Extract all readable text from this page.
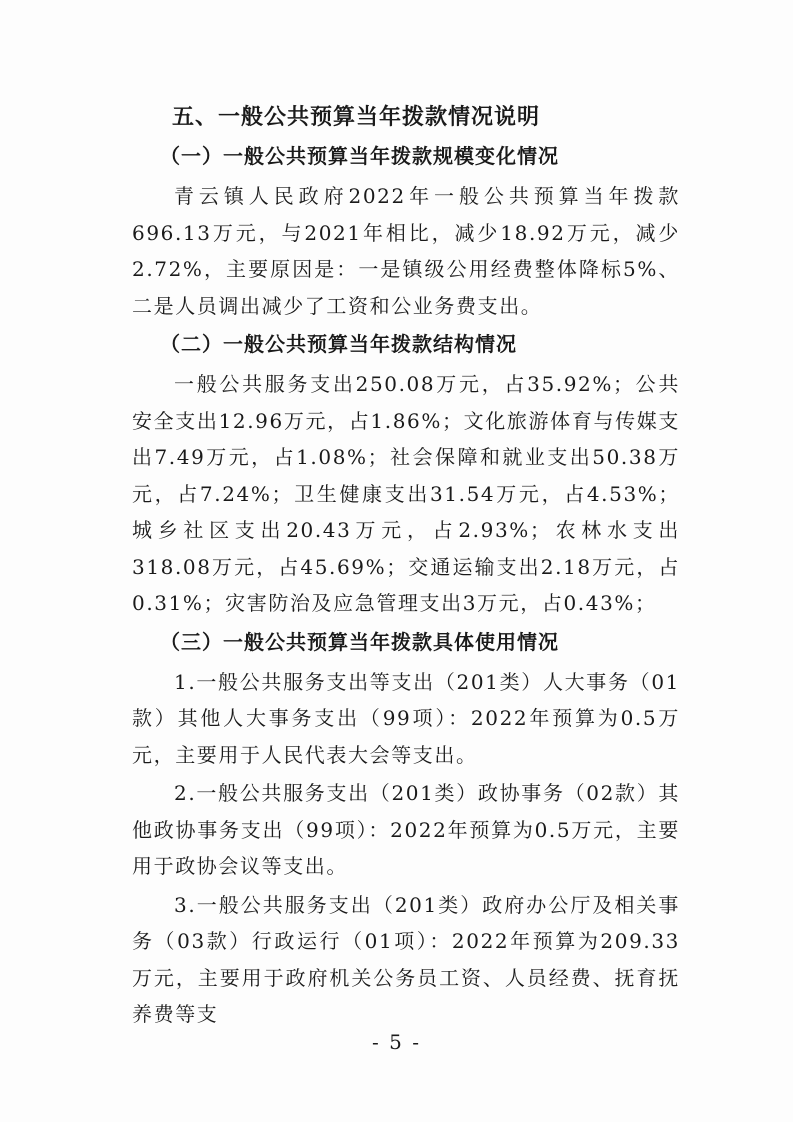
五、一般公共预算当年拨款情况说明
（一）一般公共预算当年拨款规模变化情况

青云镇人民政府2022年一般公共预算当年拨款696.13万元，与2021年相比，减少18.92万元，减少2.72%，主要原因是：一是镇级公用经费整体降标5%、二是人员调出减少了工资和公业务费支出。

（二）一般公共预算当年拨款结构情况

一般公共服务支出250.08万元，占35.92%；公共安全支出12.96万元，占1.86%；文化旅游体育与传媒支出7.49万元，占1.08%；社会保障和就业支出50.38万元，占7.24%；卫生健康支出31.54万元，占4.53%；城乡社区支出20.43万元，占2.93%；农林水支出318.08万元，占45.69%；交通运输支出2.18万元，占0.31%；灾害防治及应急管理支出3万元，占0.43%；

（三）一般公共预算当年拨款具体使用情况

1.一般公共服务支出等支出（201类）人大事务（01款）其他人大事务支出（99项）：2022年预算为0.5万元，主要用于人民代表大会等支出。

2.一般公共服务支出（201类）政协事务（02款）其他政协事务支出（99项）：2022年预算为0.5万元，主要用于政协会议等支出。

3.一般公共服务支出（201类）政府办公厅及相关事务（03款）行政运行（01项）：2022年预算为209.33万元，主要用于政府机关公务员工资、人员经费、抚育抚养费等支

- 5 -
